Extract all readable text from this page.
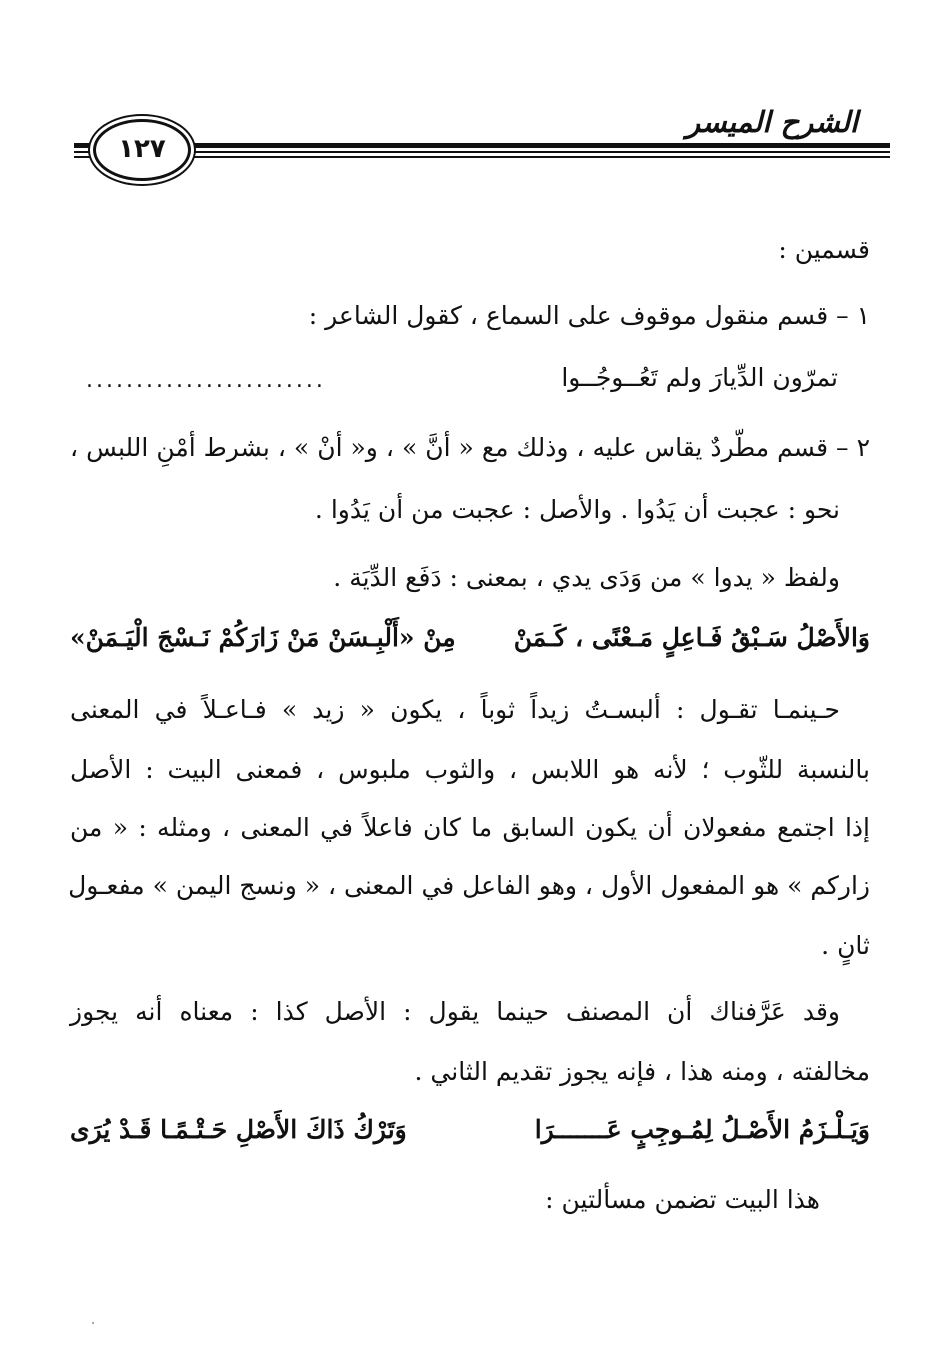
الشرح الميسر
١٢٧
قسمين :
١ – قسم منقول موقوف على السماع ، كقول الشاعر :
تمرّون الدِّيارَ ولم تَعُــوجُــوا
........................
٢ – قسم مطّردٌ يقاس عليه ، وذلك مع « أنَّ » ، و« أنْ » ، بشرط أمْنِ اللبس ،
نحو : عجبت أن يَدُوا . والأصل : عجبت من أن يَدُوا .
ولفظ « يدوا » من وَدَى يدي ، بمعنى : دَفَع الدِّيَة .
وَالأَصْلُ سَـبْقُ فَـاعِلٍ مَـعْنًى ، كَـمَنْ
مِنْ «أَلْبِـسَنْ مَنْ زَارَكُمْ نَـسْجَ الْيَـمَنْ»
حـينمـا تقـول : ألبسـتُ زيداً ثوباً ، يكون « زيد » فـاعـلاً في المعنى
بالنسبة للثّوب ؛ لأنه هو اللابس ، والثوب ملبوس ، فمعنى البيت : الأصل
إذا اجتمع مفعولان أن يكون السابق ما كان فاعلاً في المعنى ، ومثله : « من
زاركم » هو المفعول الأول ، وهو الفاعل في المعنى ، « ونسج اليمن » مفعـول
ثانٍ .
وقد عَرَّفناك أن المصنف حينما يقول : الأصل كذا : معناه أنه يجوز
مخالفته ، ومنه هذا ، فإنه يجوز تقديم الثاني .
وَيَـلْـزَمُ الأَصْـلُ لِمُـوجِبٍ عَـــــــرَا
وَتَرْكُ ذَاكَ الأَصْلِ حَـتْـمًـا قَـدْ يُرَى
هذا البيت تضمن مسألتين :
